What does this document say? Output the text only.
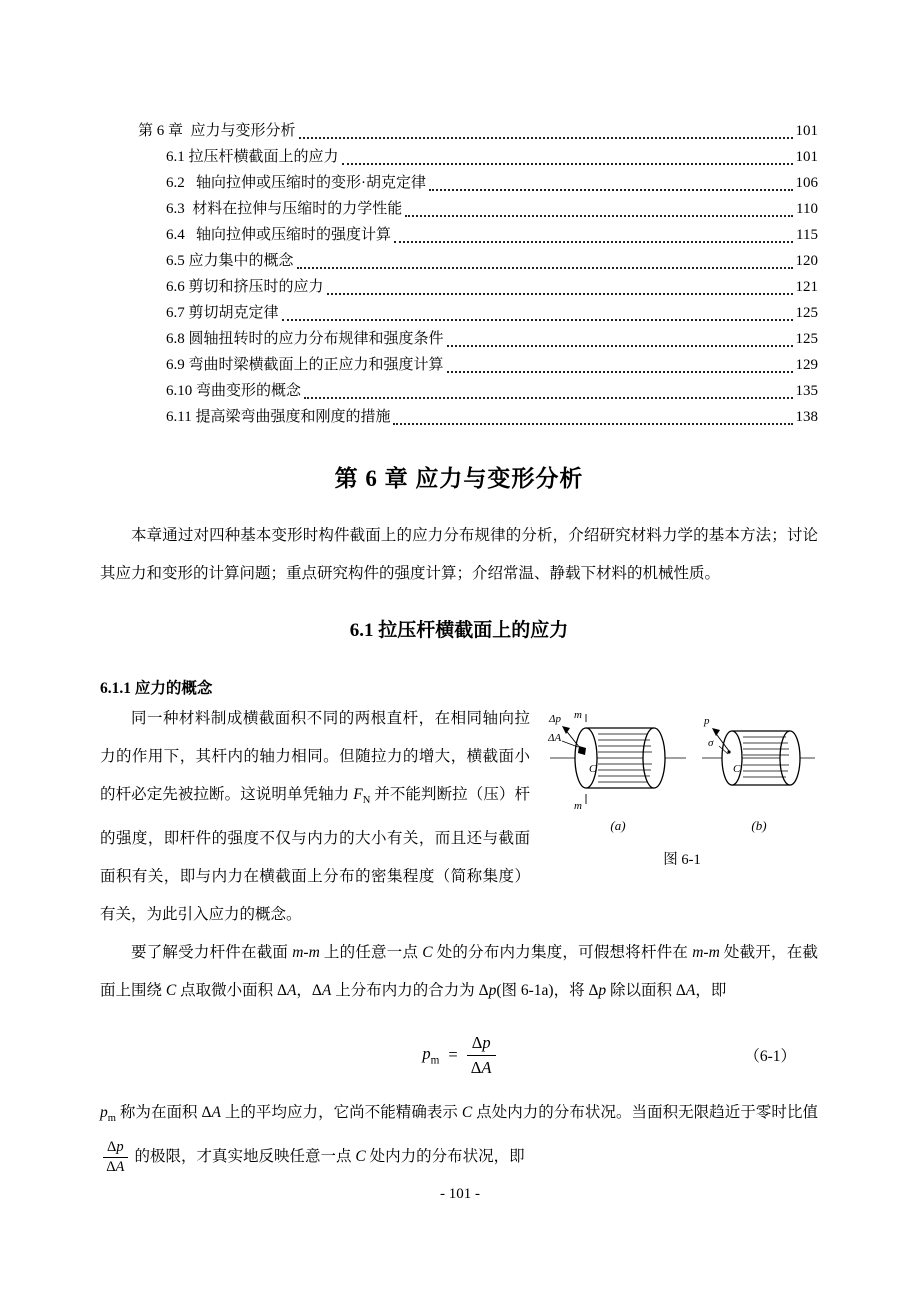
第 6 章  应力与变形分析	101
6.1 拉压杆横截面上的应力	101
6.2   轴向拉伸或压缩时的变形·胡克定律	106
6.3  材料在拉伸与压缩时的力学性能	110
6.4   轴向拉伸或压缩时的强度计算	115
6.5 应力集中的概念	120
6.6 剪切和挤压时的应力	121
6.7 剪切胡克定律	125
6.8 圆轴扭转时的应力分布规律和强度条件	125
6.9 弯曲时梁横截面上的正应力和强度计算	129
6.10 弯曲变形的概念	135
6.11 提高梁弯曲强度和刚度的措施	138
第 6 章 应力与变形分析

本章通过对四种基本变形时构件截面上的应力分布规律的分析，介绍研究材料力学的基本方法；讨论其应力和变形的计算问题；重点研究构件的强度计算；介绍常温、静载下材料的机械性质。

6.1 拉压杆横截面上的应力
6.1.1 应力的概念
m
m
Δp
ΔA
C
(a)
p
σ
C
(b)
图 6-1

同一种材料制成横截面积不同的两根直杆，在相同轴向拉力的作用下，其杆内的轴力相同。但随拉力的增大，横截面小的杆必定先被拉断。这说明单凭轴力 $F_N$ 并不能判断拉（压）杆的强度，即杆件的强度不仅与内力的大小有关，而且还与截面面积有关，即与内力在横截面上分布的密集程度（简称集度）有关，为此引入应力的概念。

要了解受力杆件在截面 m-m 上的任意一点 C 处的分布内力集度，可假想将杆件在 m-m 处截开，在截面上围绕 C 点取微小面积 ΔA，ΔA 上分布内力的合力为 Δp(图 6-1a)，将 Δp 除以面积 ΔA，即

$p_m = \frac{\Delta p}{\Delta A}$	（6-1）

$p_m$ 称为在面积 ΔA 上的平均应力，它尚不能精确表示 C 点处内力的分布状况。当面积无限趋近于零时比值
$\frac{\Delta p}{\Delta A}$ 的极限，才真实地反映任意一点 C 处内力的分布状况，即

- 101 -
